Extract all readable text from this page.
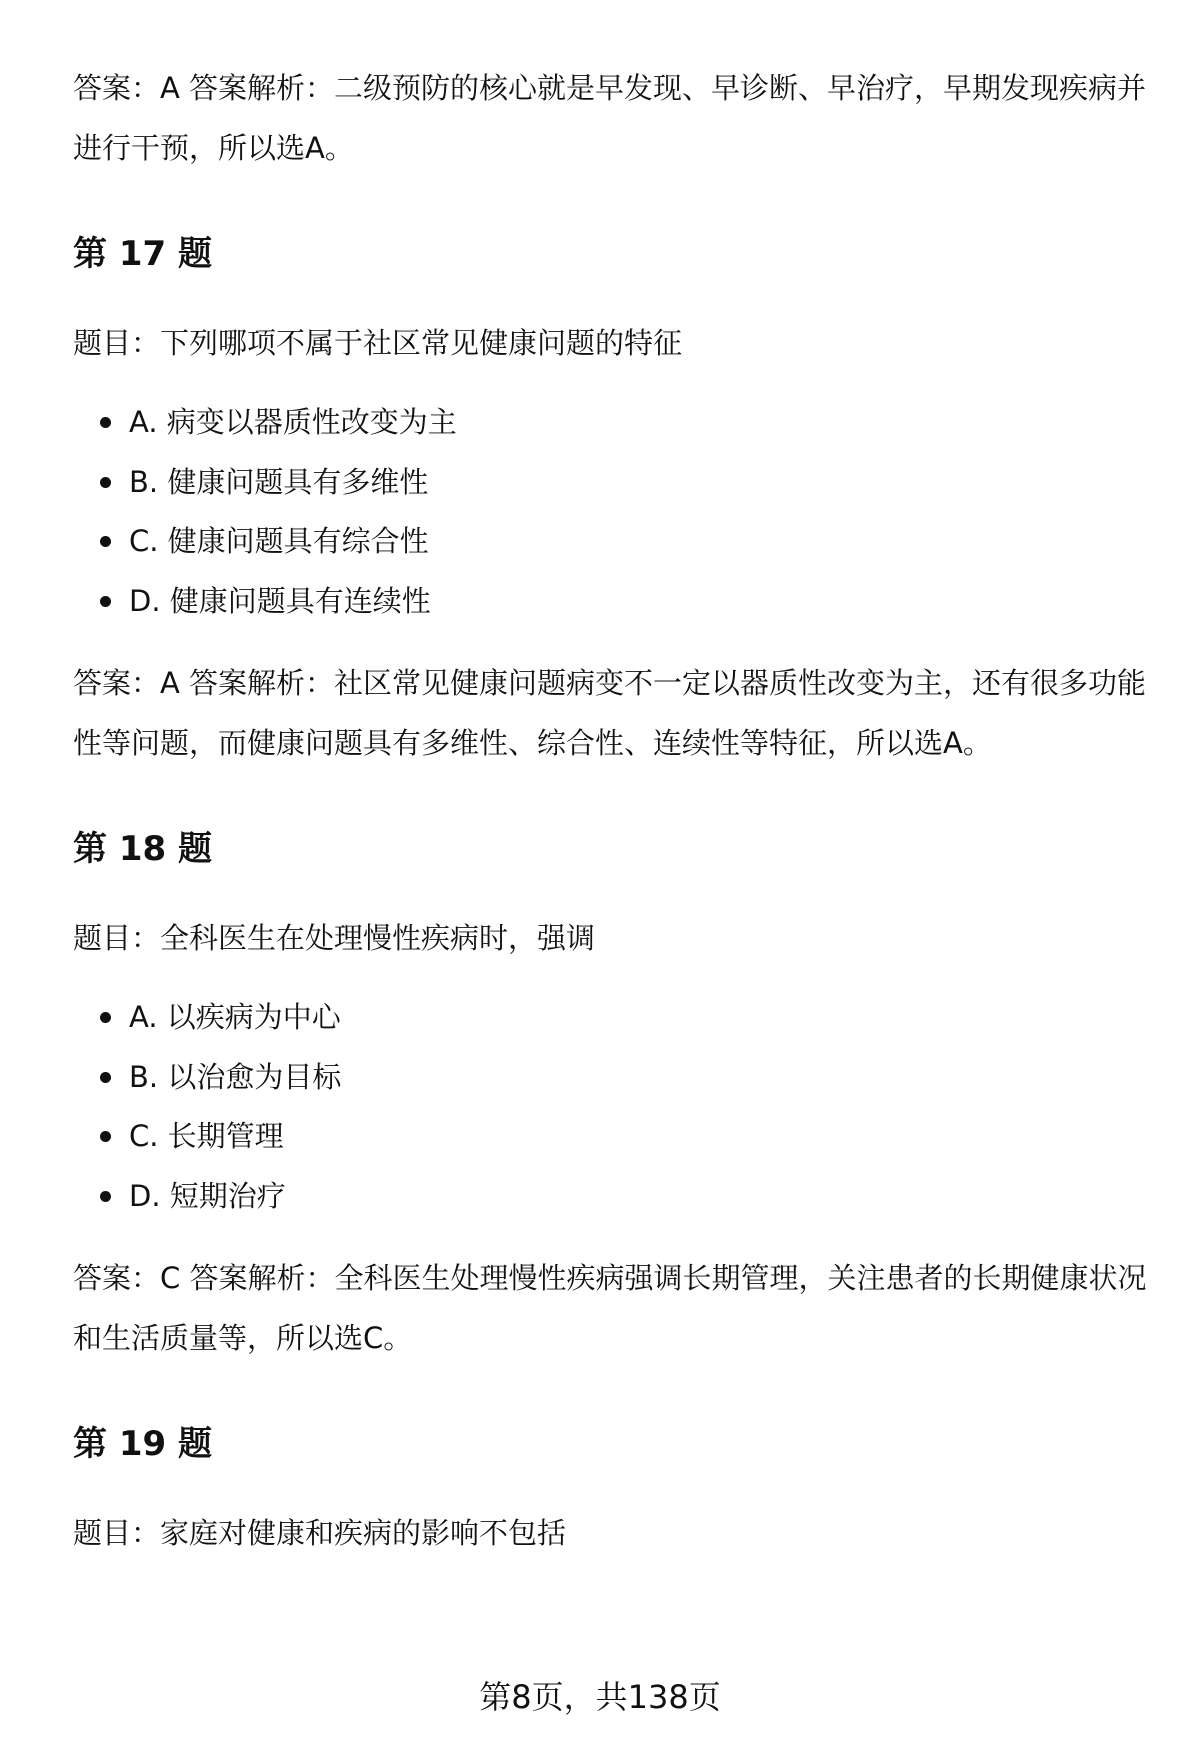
答案：A 答案解析：二级预防的核心就是早发现、早诊断、早治疗，早期发现疾病并进行干预，所以选A。

第 17 题

题目：下列哪项不属于社区常见健康问题的特征

A. 病变以器质性改变为主
B. 健康问题具有多维性
C. 健康问题具有综合性
D. 健康问题具有连续性

答案：A 答案解析：社区常见健康问题病变不一定以器质性改变为主，还有很多功能性等问题，而健康问题具有多维性、综合性、连续性等特征，所以选A。

第 18 题

题目：全科医生在处理慢性疾病时，强调

A. 以疾病为中心
B. 以治愈为目标
C. 长期管理
D. 短期治疗

答案：C 答案解析：全科医生处理慢性疾病强调长期管理，关注患者的长期健康状况和生活质量等，所以选C。

第 19 题

题目：家庭对健康和疾病的影响不包括

第8页，共138页
